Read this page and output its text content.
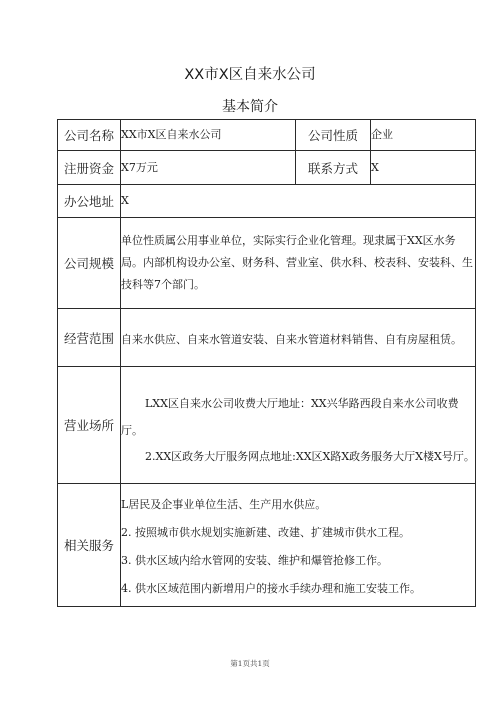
XX市X区自来水公司
基本简介
公司名称	XX市X区自来水公司	公司性质	企业
注册资金	X7万元	联系方式	X
办公地址	X		
公司规模	单位性质属公用事业单位，实际实行企业化管理。现隶属于XX区水务局。内部机构设办公室、财务科、营业室、供水科、校表科、安装科、生技科等7个部门。		
经营范围	自来水供应、自来水管道安装、自来水管道材料销售、自有房屋租赁。		
营业场所	LXX区自来水公司收费大厅地址：XX兴华路西段自来水公司收费厅。
2.XX区政务大厅服务网点地址:XX区X路X政务服务大厅X楼X号厅。		

相关服务	L居民及企事业单位生活、生产用水供应。
2. 按照城市供水规划实施新建、改建、扩建城市供水工程。
3. 供水区域内给水管网的安装、维护和爆管抢修工作。
4. 供水区域范围内新增用户的接水手续办理和施工安装工作。		
第1页共1页
